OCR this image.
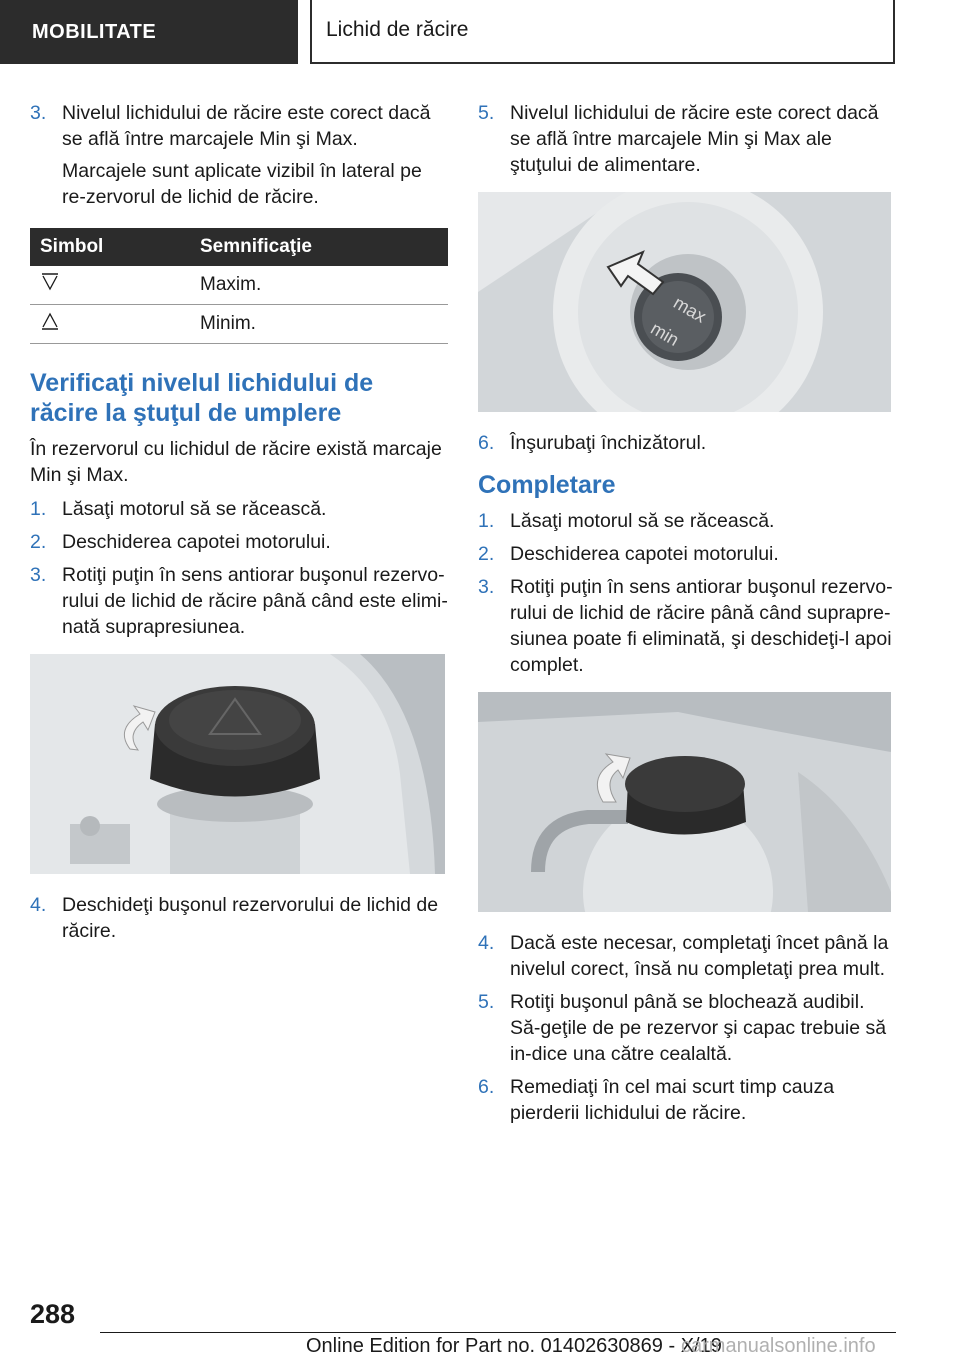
MOBILITATE	Lichid de răcire
3. Nivelul lichidului de răcire este corect dacă se află între marcajele Min şi Max.
Marcajele sunt aplicate vizibil în lateral pe re‐zervorul de lichid de răcire.
Simbol	Semnificaţie
	Maxim.
	Minim.
Verificaţi nivelul lichidului de răcire la ştuţul de umplere
În rezervorul cu lichidul de răcire există marcaje Min şi Max.
1. Lăsaţi motorul să se răcească.
2. Deschiderea capotei motorului.
3. Rotiţi puţin în sens antiorar buşonul rezervo‐rului de lichid de răcire până când este elimi‐nată suprapresiunea.
4. Deschideţi buşonul rezervorului de lichid de răcire.
5. Nivelul lichidului de răcire este corect dacă se află între marcajele Min şi Max ale ştuţului de alimentare.
max
min
6. Înşurubaţi închizătorul.
Completare
1. Lăsaţi motorul să se răcească.
2. Deschiderea capotei motorului.
3. Rotiţi puţin în sens antiorar buşonul rezervo‐rului de lichid de răcire până când suprapre‐siunea poate fi eliminată, şi deschideţi-l apoi complet.
4. Dacă este necesar, completaţi încet până la nivelul corect, însă nu completaţi prea mult.
5. Rotiţi buşonul până se blochează audibil. Să‐geţile de pe rezervor şi capac trebuie să in‐dice una către cealaltă.
6. Remediaţi în cel mai scurt timp cauza pierderii lichidului de răcire.
288
Online Edition for Part no. 01402630869 - X/19
carmanualsonline.info
